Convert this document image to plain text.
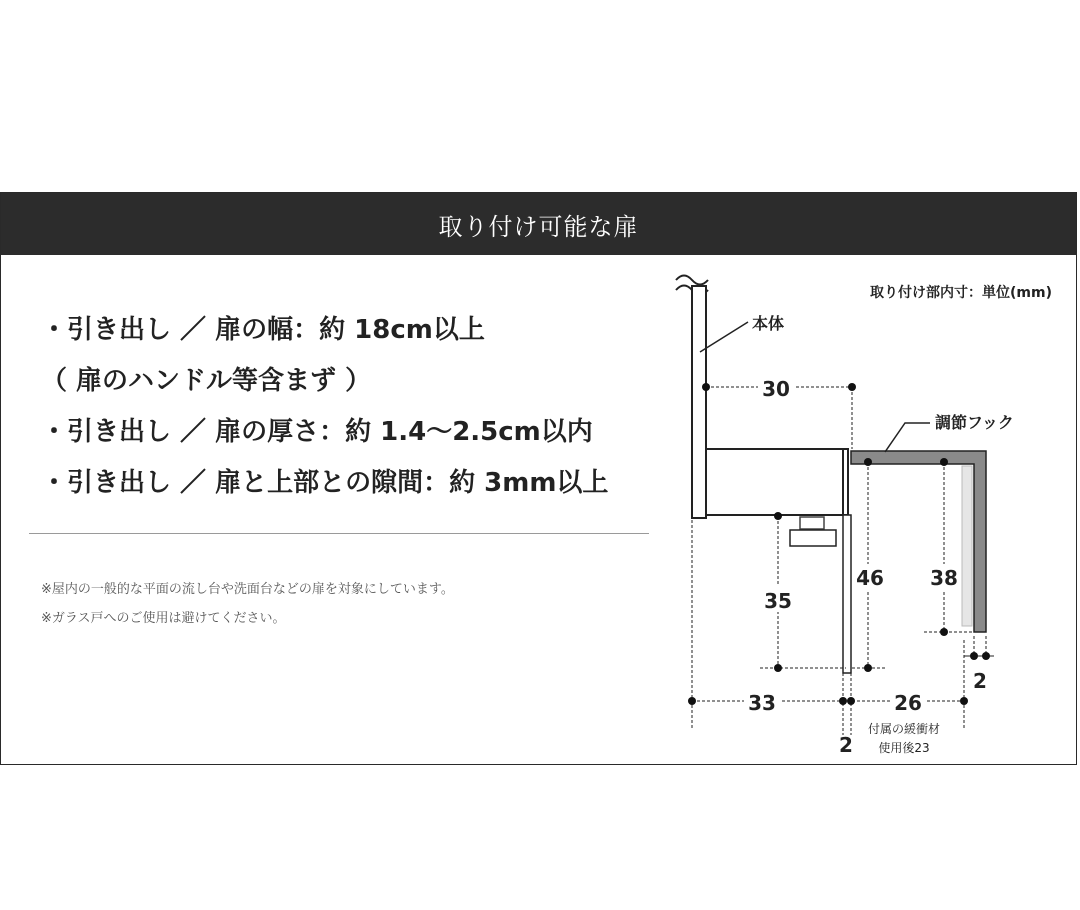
取り付け可能な扉
・引き出し ／ 扉の幅：約 18cm以上
（ 扉のハンドル等含まず ）
・引き出し ／ 扉の厚さ：約 1.4〜2.5cm以内
・引き出し ／ 扉と上部との隙間：約 3mm以上
※屋内の一般的な平面の流し台や洗面台などの扉を対象にしています。
※ガラス戸へのご使用は避けてください。
取り付け部内寸：単位(mm)
本体
調節フック
30
35
46 38
2
33	26
2
付属の緩衝材
使用後23
